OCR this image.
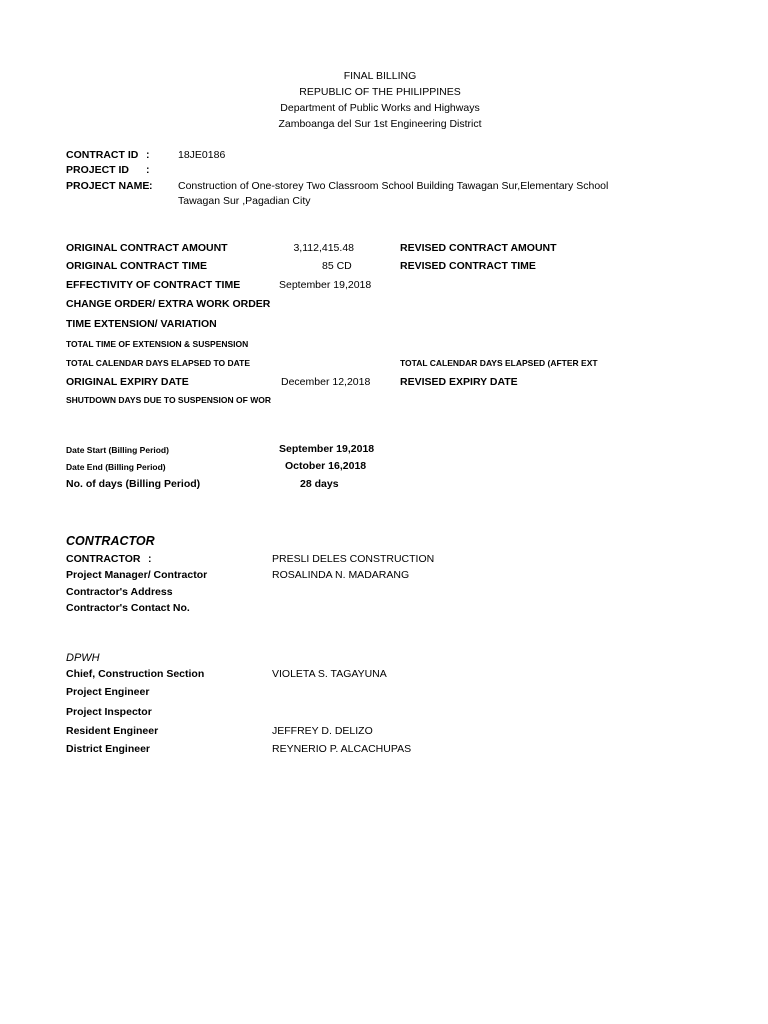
FINAL BILLING
REPUBLIC OF THE PHILIPPINES
Department of Public Works and Highways
Zamboanga del Sur 1st Engineering District
CONTRACT ID :	18JE0186
PROJECT ID :
PROJECT NAME : Construction of One-storey Two Classroom School Building Tawagan Sur,Elementary School
Tawagan Sur ,Pagadian City
ORIGINAL CONTRACT AMOUNT	3,112,415.48	REVISED CONTRACT AMOUNT
ORIGINAL CONTRACT TIME	85 CD	REVISED CONTRACT TIME
EFFECTIVITY OF CONTRACT TIME	September 19,2018
CHANGE ORDER/ EXTRA WORK ORDER
TIME EXTENSION/ VARIATION
TOTAL TIME OF EXTENSION & SUSPENSION
TOTAL CALENDAR DAYS ELAPSED TO DATE	TOTAL CALENDAR DAYS ELAPSED (AFTER EXT
ORIGINAL EXPIRY DATE	December 12,2018	REVISED EXPIRY DATE
SHUTDOWN DAYS DUE TO SUSPENSION OF WOR
Date Start (Billing Period)	September 19,2018
Date End (Billing Period)	October 16,2018
No. of days (Billing Period)	28 days
CONTRACTOR
CONTRACTOR :	PRESLI DELES CONSTRUCTION
Project Manager/ Contractor	ROSALINDA N. MADARANG
Contractor's Address
Contractor's Contact No.
DPWH
Chief, Construction Section	VIOLETA S. TAGAYUNA
Project Engineer
Project Inspector
Resident Engineer	JEFFREY D. DELIZO
District Engineer	REYNERIO P. ALCACHUPAS
